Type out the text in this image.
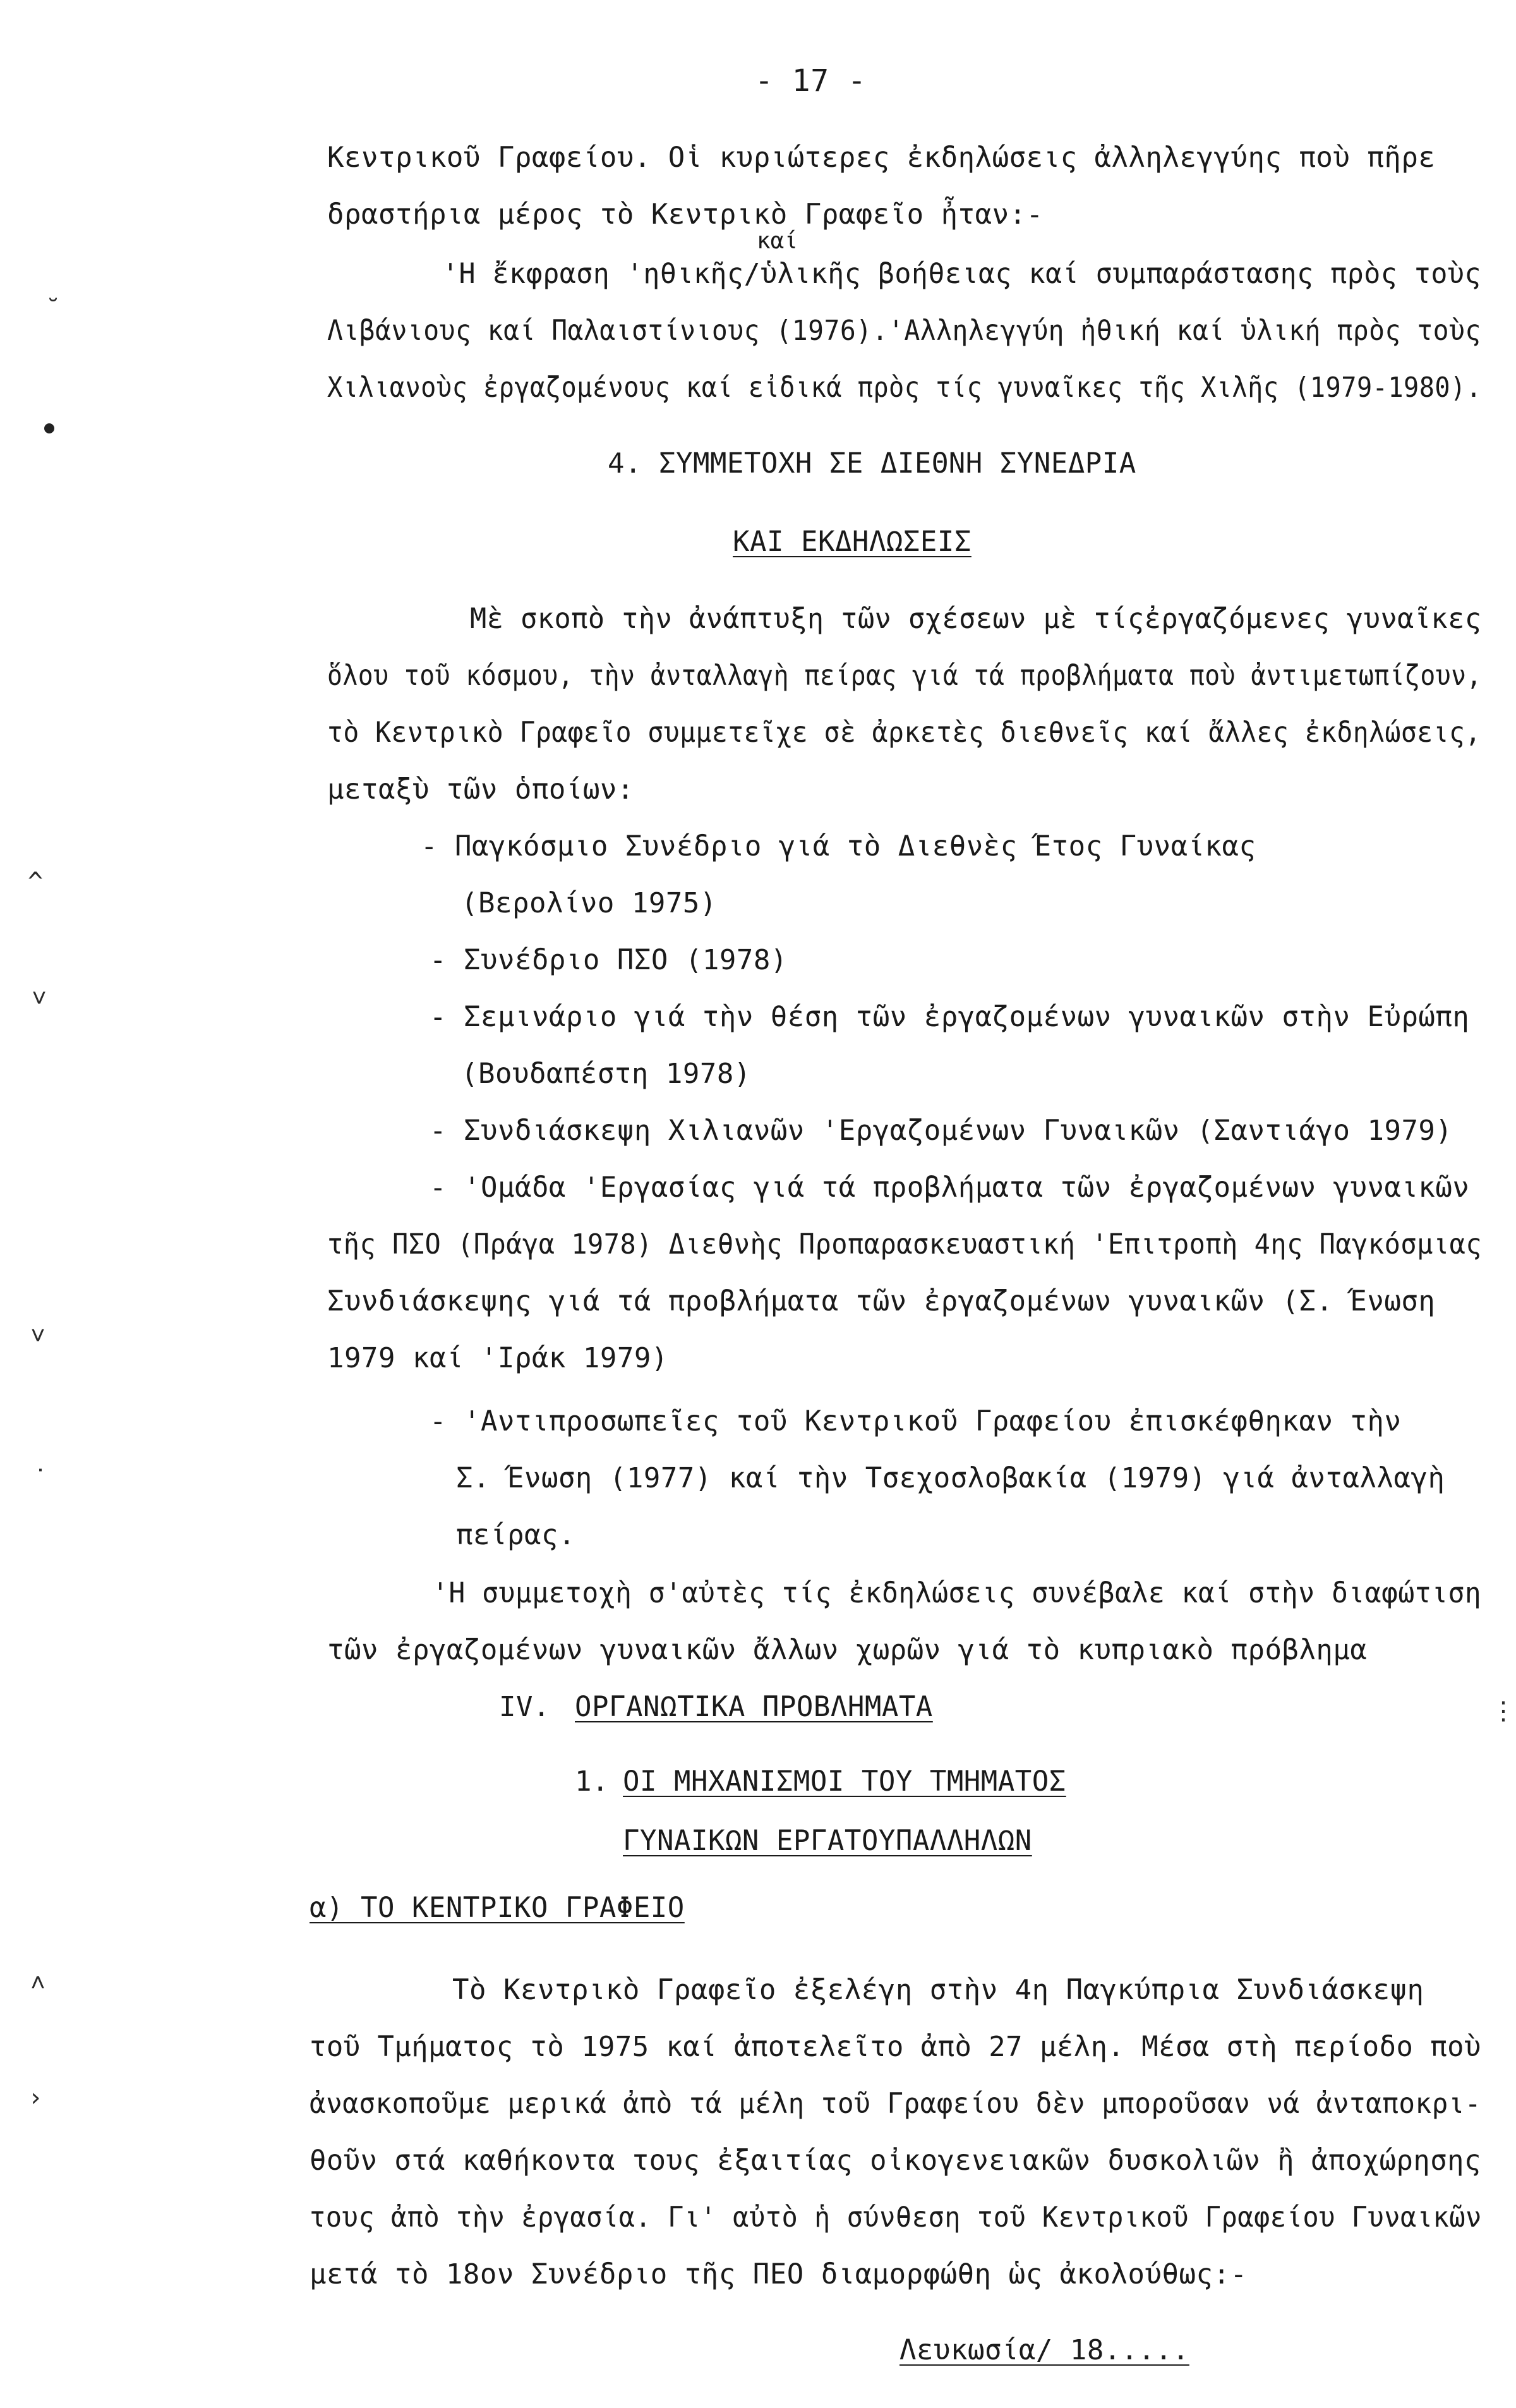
- 17 -
Κεντρικοῦ Γραφείου. Οἱ κυριώτερες ἐκδηλώσεις ἀλληλεγγύης ποὺ πῆρε
δραστήρια μέρος τὸ Κεντρικὸ Γραφεῖο ἦταν:-
καί
'Η ἔκφραση 'ηθικῆς/ὑλικῆς βοήθειας καί συμπαράστασης πρὸς τοὺς
Λιβάνιους καί Παλαιστίνιους (1976).'Αλληλεγγύη ἠθική καί ὑλική πρὸς τοὺς
Χιλιανοὺς ἐργαζομένους καί εἰδικά πρὸς τίς γυναῖκες τῆς Χιλῆς (1979-1980).
4. ΣΥΜΜΕΤΟΧΗ ΣΕ ΔΙΕΘΝΗ ΣΥΝΕΔΡΙΑ
ΚΑΙ ΕΚΔΗΛΩΣΕΙΣ
Μὲ σκοπὸ τὴν ἀνάπτυξη τῶν σχέσεων μὲ τίςἐργαζόμενες γυναῖκες
ὅλου τοῦ κόσμου, τὴν ἀνταλλαγὴ πείρας γιά τά προβλήματα ποὺ ἀντιμετωπίζουν,
τὸ Κεντρικὸ Γραφεῖο συμμετεῖχε σὲ ἀρκετὲς διεθνεῖς καί ἄλλες ἐκδηλώσεις,
μεταξὺ τῶν ὁποίων:
- Παγκόσμιο Συνέδριο γιά τὸ Διεθνὲς Έτος Γυναίκας
(Βερολίνο 1975)
- Συνέδριο ΠΣΟ (1978)
- Σεμινάριο γιά τὴν θέση τῶν ἐργαζομένων γυναικῶν στὴν Εὐρώπη
(Βουδαπέστη 1978)
- Συνδιάσκεψη Χιλιανῶν 'Εργαζομένων Γυναικῶν (Σαντιάγο 1979)
- 'Ομάδα 'Εργασίας γιά τά προβλήματα τῶν ἐργαζομένων γυναικῶν
τῆς ΠΣΟ (Πράγα 1978) Διεθνὴς Προπαρασκευαστική 'Επιτροπὴ 4ης Παγκόσμιας
Συνδιάσκεψης γιά τά προβλήματα τῶν ἐργαζομένων γυναικῶν (Σ. Ένωση
1979 καί 'Ιράκ 1979)
- 'Αντιπροσωπεῖες τοῦ Κεντρικοῦ Γραφείου ἐπισκέφθηκαν τὴν
Σ. Ένωση (1977) καί τὴν Τσεχοσλοβακία (1979) γιά ἀνταλλαγὴ
πείρας.
'Η συμμετοχὴ σ'αὐτὲς τίς ἐκδηλώσεις συνέβαλε καί στὴν διαφώτιση
τῶν ἐργαζομένων γυναικῶν ἄλλων χωρῶν γιά τὸ κυπριακὸ πρόβλημα
IV. ΟΡΓΑΝΩΤΙΚΑ ΠΡΟΒΛΗΜΑΤΑ
1. ΟΙ ΜΗΧΑΝΙΣΜΟΙ ΤΟΥ ΤΜΗΜΑΤΟΣ
ΓΥΝΑΙΚΩΝ ΕΡΓΑΤΟΥΠΑΛΛΗΛΩΝ
α) ΤΟ ΚΕΝΤΡΙΚΟ ΓΡΑΦΕΙΟ
Τὸ Κεντρικὸ Γραφεῖο ἐξελέγη στὴν 4η Παγκύπρια Συνδιάσκεψη
τοῦ Τμήματος τὸ 1975 καί ἀποτελεῖτο ἀπὸ 27 μέλη. Μέσα στὴ περίοδο ποὺ
ἀνασκοποῦμε μερικά ἀπὸ τά μέλη τοῦ Γραφείου δὲν μποροῦσαν νά ἀνταποκρι-
θοῦν στά καθήκοντα τους ἐξαιτίας οἰκογενειακῶν δυσκολιῶν ἢ ἀποχώρησης
τους ἀπὸ τὴν ἐργασία. Γι' αὐτὸ ἡ σύνθεση τοῦ Κεντρικοῦ Γραφείου Γυναικῶν
μετά τὸ 18ον Συνέδριο τῆς ΠΕΟ διαμορφώθη ὡς ἀκολούθως:-
Λευκωσία/ 18.....
˘
^
˅
˅
˙
˄
›
⋮
